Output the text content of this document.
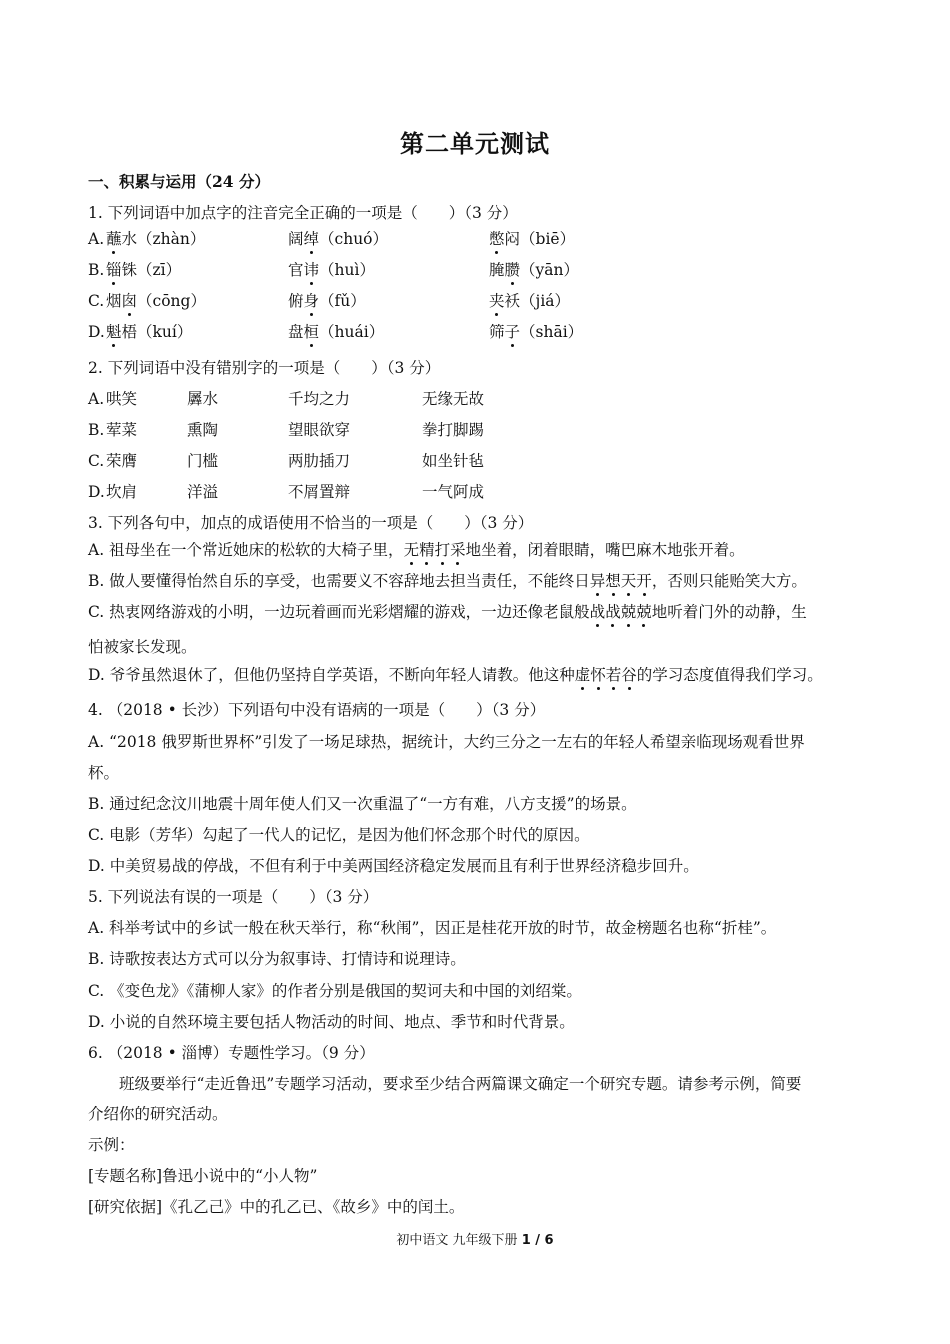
第二单元测试
一、积累与运用（24 分）
1. 下列词语中加点字的注音完全正确的一项是（　　）（3 分）
A. 蘸水（zhàn）	阔绰（chuó）	憋闷（biē）
B. 锱铢（zī）	官讳（huì）	腌臜（yān）
C. 烟囱（cōng）	俯身（fǔ）	夹袄（jiá）
D. 魁梧（kuí）	盘桓（huái）	筛子（shāi）
2. 下列词语中没有错别字的一项是（　　）（3 分）
A. 哄笑	羼水	千均之力	无缘无故
B. 荤菜	熏陶	望眼欲穿	拳打脚踢
C. 荣膺	门槛	两肋插刀	如坐针毡
D. 坎肩	洋溢	不屑置辩	一气阿成
3. 下列各句中，加点的成语使用不恰当的一项是（　　）（3 分）
A. 祖母坐在一个常近她床的松软的大椅子里，无精打采地坐着，闭着眼睛，嘴巴麻木地张开着。
B. 做人要懂得怡然自乐的享受，也需要义不容辞地去担当责任，不能终日异想天开，否则只能贻笑大方。
C. 热衷网络游戏的小明，一边玩着画而光彩熠耀的游戏，一边还像老鼠般战战兢兢地听着门外的动静，生
怕被家长发现。
D. 爷爷虽然退休了，但他仍坚持自学英语，不断向年轻人请教。他这种虚怀若谷的学习态度值得我们学习。
4. （2018 • 长沙）下列语句中没有语病的一项是（　　）（3 分）
A. “2018 俄罗斯世界杯”引发了一场足球热，据统计，大约三分之一左右的年轻人希望亲临现场观看世界
杯。
B. 通过纪念汶川地震十周年使人们又一次重温了“一方有难，八方支援”的场景。
C. 电影（芳华）勾起了一代人的记忆，是因为他们怀念那个时代的原因。
D. 中美贸易战的停战，不但有利于中美两国经济稳定发展而且有利于世界经济稳步回升。
5. 下列说法有误的一项是（　　）（3 分）
A. 科举考试中的乡试一般在秋天举行，称“秋闱”，因正是桂花开放的时节，故金榜题名也称“折桂”。
B. 诗歌按表达方式可以分为叙事诗、打情诗和说理诗。
C. 《变色龙》《蒲柳人家》的作者分别是俄国的契诃夫和中国的刘绍棠。
D. 小说的自然环境主要包括人物活动的时间、地点、季节和时代背景。
6. （2018 • 淄博）专题性学习。（9 分）
班级要举行“走近鲁迅”专题学习活动，要求至少结合两篇课文确定一个研究专题。请参考示例，简要
介绍你的研究活动。
示例：
[专题名称]鲁迅小说中的“小人物”
[研究依据]《孔乙己》中的孔乙已、《故乡》中的闰土。
初中语文 九年级下册 1 / 6
